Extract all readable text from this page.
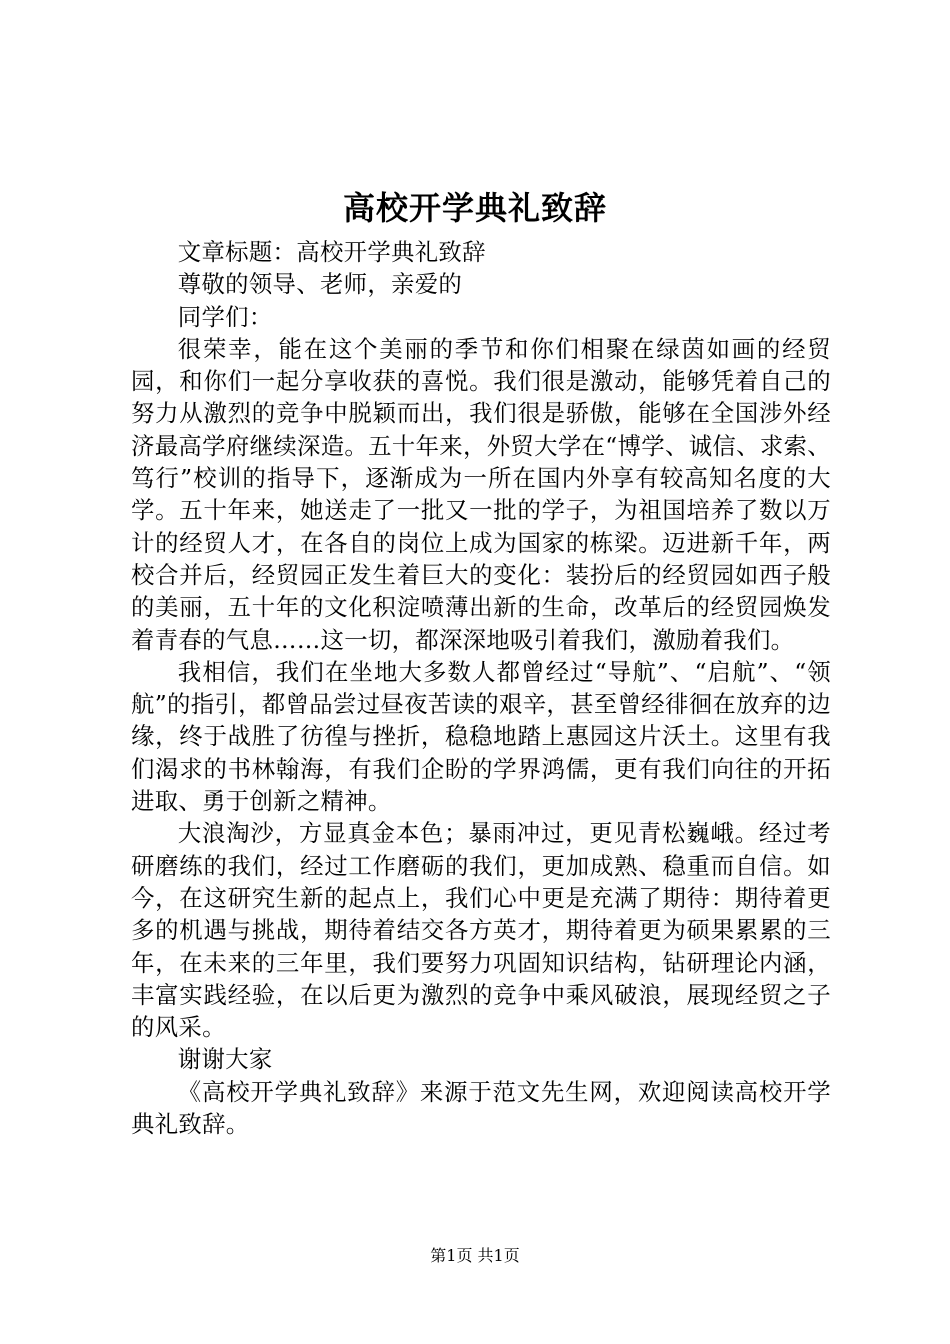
高校开学典礼致辞

文章标题：高校开学典礼致辞

尊敬的领导、老师，亲爱的

同学们：

很荣幸，能在这个美丽的季节和你们相聚在绿茵如画的经贸园，和你们一起分享收获的喜悦。我们很是激动，能够凭着自己的努力从激烈的竞争中脱颖而出，我们很是骄傲，能够在全国涉外经济最高学府继续深造。五十年来，外贸大学在“博学、诚信、求索、笃行”校训的指导下，逐渐成为一所在国内外享有较高知名度的大学。五十年来，她送走了一批又一批的学子，为祖国培养了数以万计的经贸人才，在各自的岗位上成为国家的栋梁。迈进新千年，两校合并后，经贸园正发生着巨大的变化：装扮后的经贸园如西子般的美丽，五十年的文化积淀喷薄出新的生命，改革后的经贸园焕发着青春的气息……这一切，都深深地吸引着我们，激励着我们。

我相信，我们在坐地大多数人都曾经过“导航”、“启航”、“领航”的指引，都曾品尝过昼夜苦读的艰辛，甚至曾经徘徊在放弃的边缘，终于战胜了彷徨与挫折，稳稳地踏上惠园这片沃土。这里有我们渴求的书林翰海，有我们企盼的学界鸿儒，更有我们向往的开拓进取、勇于创新之精神。

大浪淘沙，方显真金本色；暴雨冲过，更见青松巍峨。经过考研磨练的我们，经过工作磨砺的我们，更加成熟、稳重而自信。如今，在这研究生新的起点上，我们心中更是充满了期待：期待着更多的机遇与挑战，期待着结交各方英才，期待着更为硕果累累的三年，在未来的三年里，我们要努力巩固知识结构，钻研理论内涵，丰富实践经验，在以后更为激烈的竞争中乘风破浪，展现经贸之子的风采。

谢谢大家

《高校开学典礼致辞》来源于范文先生网，欢迎阅读高校开学典礼致辞。

第1页 共1页
